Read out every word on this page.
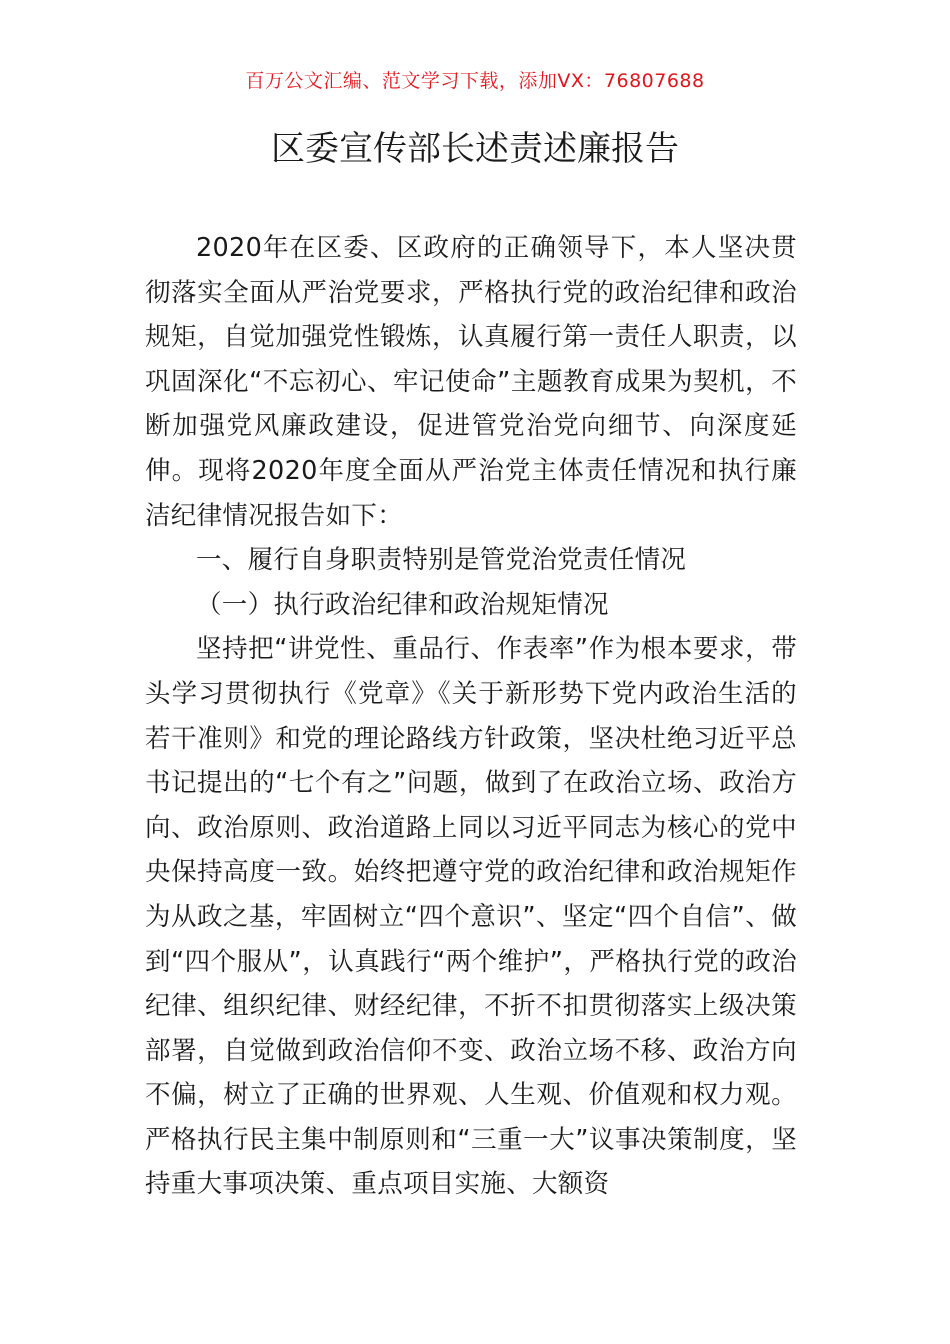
百万公文汇编、范文学习下载，添加VX：76807688
区委宣传部长述责述廉报告

2020年在区委、区政府的正确领导下，本人坚决贯彻落实全面从严治党要求，严格执行党的政治纪律和政治规矩，自觉加强党性锻炼，认真履行第一责任人职责，以巩固深化“不忘初心、牢记使命”主题教育成果为契机，不断加强党风廉政建设，促进管党治党向细节、向深度延伸。现将2020年度全面从严治党主体责任情况和执行廉洁纪律情况报告如下：

一、履行自身职责特别是管党治党责任情况

（一）执行政治纪律和政治规矩情况

坚持把“讲党性、重品行、作表率”作为根本要求，带头学习贯彻执行《党章》《关于新形势下党内政治生活的若干准则》和党的理论路线方针政策，坚决杜绝习近平总书记提出的“七个有之”问题，做到了在政治立场、政治方向、政治原则、政治道路上同以习近平同志为核心的党中央保持高度一致。始终把遵守党的政治纪律和政治规矩作为从政之基，牢固树立“四个意识”、坚定“四个自信”、做到“四个服从”，认真践行“两个维护”，严格执行党的政治纪律、组织纪律、财经纪律，不折不扣贯彻落实上级决策部署，自觉做到政治信仰不变、政治立场不移、政治方向不偏，树立了正确的世界观、人生观、价值观和权力观。严格执行民主集中制原则和“三重一大”议事决策制度，坚持重大事项决策、重点项目实施、大额资
